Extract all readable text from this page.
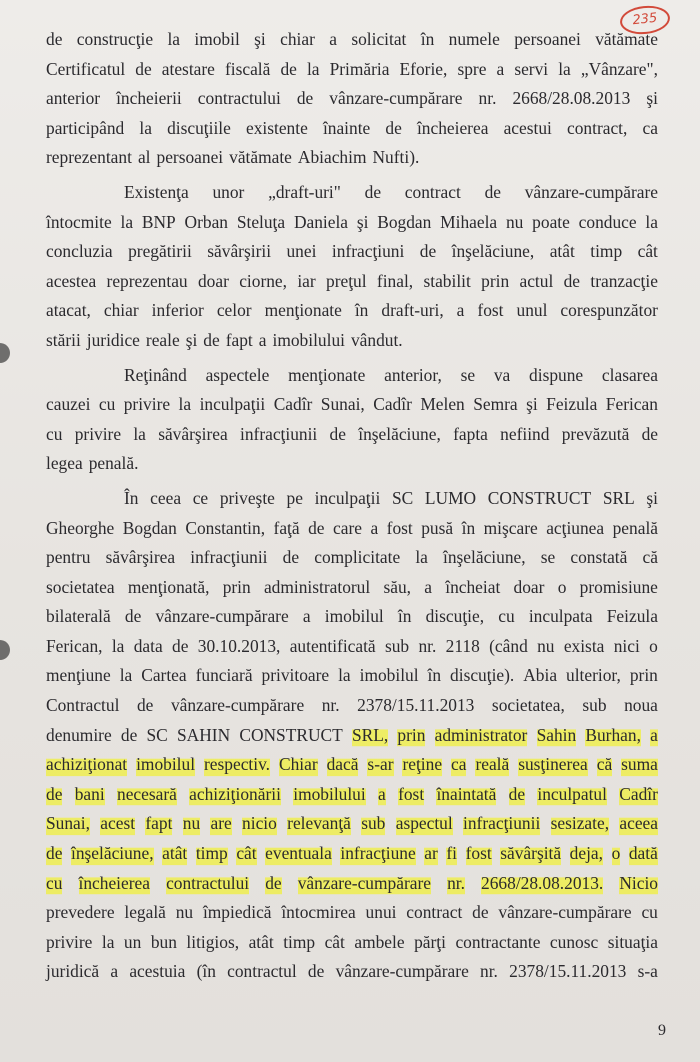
235
de construcţie la imobil şi chiar a solicitat în numele persoanei vătămate
Certificatul de atestare fiscală de la Primăria Eforie, spre a servi la „Vânzare",
anterior încheierii contractului de vânzare-cumpărare nr. 2668/28.08.2013 şi
participând la discuţiile existente înainte de încheierea acestui contract, ca
reprezentant al persoanei vătămate Abiachim Nufti).
Existenţa unor „draft-uri" de contract de vânzare-cumpărare
întocmite la BNP Orban Steluţa Daniela şi Bogdan Mihaela nu poate conduce la
concluzia pregătirii săvârşirii unei infracţiuni de înşelăciune, atât timp cât
acestea reprezentau doar ciorne, iar preţul final, stabilit prin actul de tranzacţie
atacat, chiar inferior celor menţionate în draft-uri, a fost unul corespunzător
stării juridice reale şi de fapt a imobilului vândut.
Reţinând aspectele menţionate anterior, se va dispune clasarea
cauzei cu privire la inculpaţii Cadîr Sunai, Cadîr Melen Semra şi Feizula Ferican
cu privire la săvârşirea infracţiunii de înşelăciune, fapta nefiind prevăzută de
legea penală.
În ceea ce priveşte pe inculpaţii SC LUMO CONSTRUCT SRL şi
Gheorghe Bogdan Constantin, faţă de care a fost pusă în mişcare acţiunea penală
pentru săvârşirea infracţiunii de complicitate la înşelăciune, se constată că
societatea menţionată, prin administratorul său, a încheiat doar o promisiune
bilaterală de vânzare-cumpărare a imobilul în discuţie, cu inculpata Feizula
Ferican, la data de 30.10.2013, autentificată sub nr. 2118 (când nu exista nici o
menţiune la Cartea funciară privitoare la imobilul în discuţie). Abia ulterior, prin
Contractul de vânzare-cumpărare nr. 2378/15.11.2013 societatea, sub noua
denumire de SC SAHIN CONSTRUCT SRL, prin administrator Sahin Burhan, a
achiziţionat imobilul respectiv. Chiar dacă s-ar reţine ca reală susţinerea că suma
de bani necesară achiziţionării imobilului a fost înaintată de inculpatul Cadîr
Sunai, acest fapt nu are nicio relevanţă sub aspectul infracţiunii sesizate, aceea
de înşelăciune, atât timp cât eventuala infracţiune ar fi fost săvârşită deja, o dată
cu încheierea contractului de vânzare-cumpărare nr. 2668/28.08.2013. Nicio
prevedere legală nu împiedică întocmirea unui contract de vânzare-cumpărare cu
privire la un bun litigios, atât timp cât ambele părţi contractante cunosc situaţia
juridică a acestuia (în contractul de vânzare-cumpărare nr. 2378/15.11.2013 s-a
9
